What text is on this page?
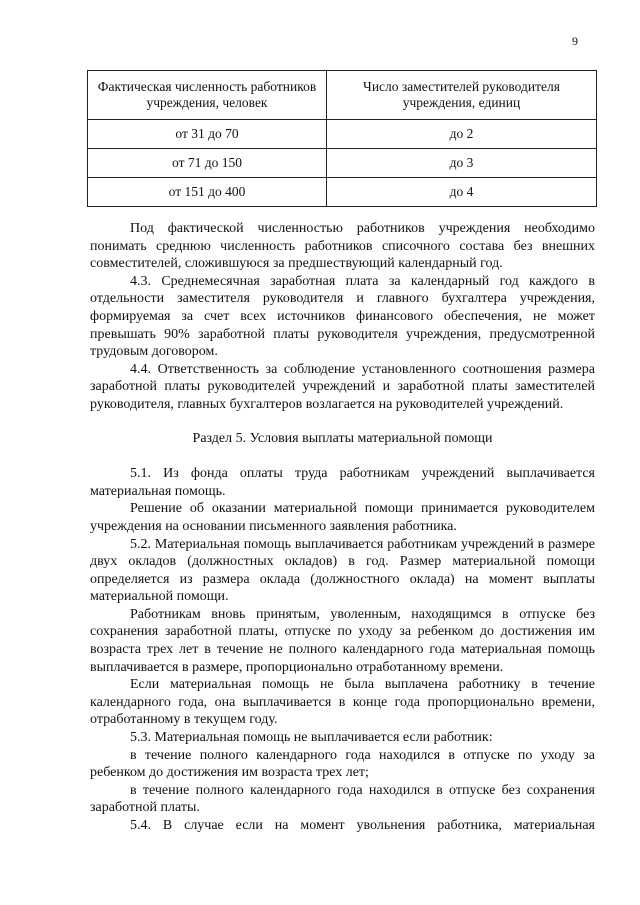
9
Фактическая численность работников учреждения, человек	Число заместителей руководителя учреждения, единиц
от 31 до 70	до 2
от 71 до 150	до 3
от 151 до 400	до 4

Под фактической численностью работников учреждения необходимо понимать среднюю численность работников списочного состава без внешних совместителей, сложившуюся за предшествующий календарный год.

4.3. Среднемесячная заработная плата за календарный год каждого в отдельности заместителя руководителя и главного бухгалтера учреждения, формируемая за счет всех источников финансового обеспечения, не может превышать 90% заработной платы руководителя учреждения, предусмотренной трудовым договором.

4.4. Ответственность за соблюдение установленного соотношения размера заработной платы руководителей учреждений и заработной платы заместителей руководителя, главных бухгалтеров возлагается на руководителей учреждений.

Раздел 5. Условия выплаты материальной помощи

5.1. Из фонда оплаты труда работникам учреждений выплачивается материальная помощь.

Решение об оказании материальной помощи принимается руководителем учреждения на основании письменного заявления работника.

5.2. Материальная помощь выплачивается работникам учреждений в размере двух окладов (должностных окладов) в год. Размер материальной помощи определяется из размера оклада (должностного оклада) на момент выплаты материальной помощи.

Работникам вновь принятым, уволенным, находящимся в отпуске без сохранения заработной платы, отпуске по уходу за ребенком до достижения им возраста трех лет в течение не полного календарного года материальная помощь выплачивается в размере, пропорционально отработанному времени.

Если материальная помощь не была выплачена работнику в течение календарного года, она выплачивается в конце года пропорционально времени, отработанному в текущем году.

5.3. Материальная помощь не выплачивается если работник:

в течение полного календарного года находился в отпуске по уходу за ребенком до достижения им возраста трех лет;

в течение полного календарного года находился в отпуске без сохранения заработной платы.

5.4. В случае если на момент увольнения работника, материальная
